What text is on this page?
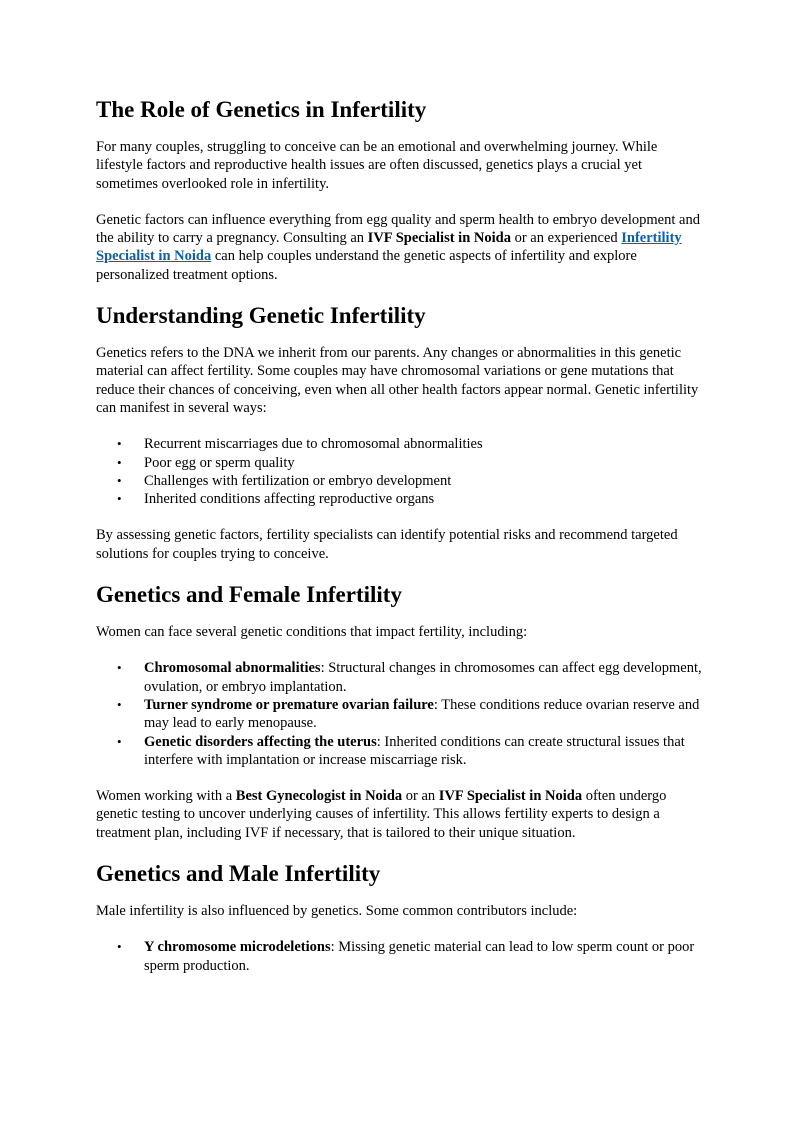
The Role of Genetics in Infertility

For many couples, struggling to conceive can be an emotional and overwhelming journey. While lifestyle factors and reproductive health issues are often discussed, genetics plays a crucial yet sometimes overlooked role in infertility.

Genetic factors can influence everything from egg quality and sperm health to embryo development and the ability to carry a pregnancy. Consulting an IVF Specialist in Noida or an experienced Infertility Specialist in Noida can help couples understand the genetic aspects of infertility and explore personalized treatment options.

Understanding Genetic Infertility

Genetics refers to the DNA we inherit from our parents. Any changes or abnormalities in this genetic material can affect fertility. Some couples may have chromosomal variations or gene mutations that reduce their chances of conceiving, even when all other health factors appear normal. Genetic infertility can manifest in several ways:

• Recurrent miscarriages due to chromosomal abnormalities
• Poor egg or sperm quality
• Challenges with fertilization or embryo development
• Inherited conditions affecting reproductive organs

By assessing genetic factors, fertility specialists can identify potential risks and recommend targeted solutions for couples trying to conceive.

Genetics and Female Infertility

Women can face several genetic conditions that impact fertility, including:

• Chromosomal abnormalities: Structural changes in chromosomes can affect egg development, ovulation, or embryo implantation.
• Turner syndrome or premature ovarian failure: These conditions reduce ovarian reserve and may lead to early menopause.
• Genetic disorders affecting the uterus: Inherited conditions can create structural issues that interfere with implantation or increase miscarriage risk.

Women working with a Best Gynecologist in Noida or an IVF Specialist in Noida often undergo genetic testing to uncover underlying causes of infertility. This allows fertility experts to design a treatment plan, including IVF if necessary, that is tailored to their unique situation.

Genetics and Male Infertility

Male infertility is also influenced by genetics. Some common contributors include:

• Y chromosome microdeletions: Missing genetic material can lead to low sperm count or poor sperm production.
